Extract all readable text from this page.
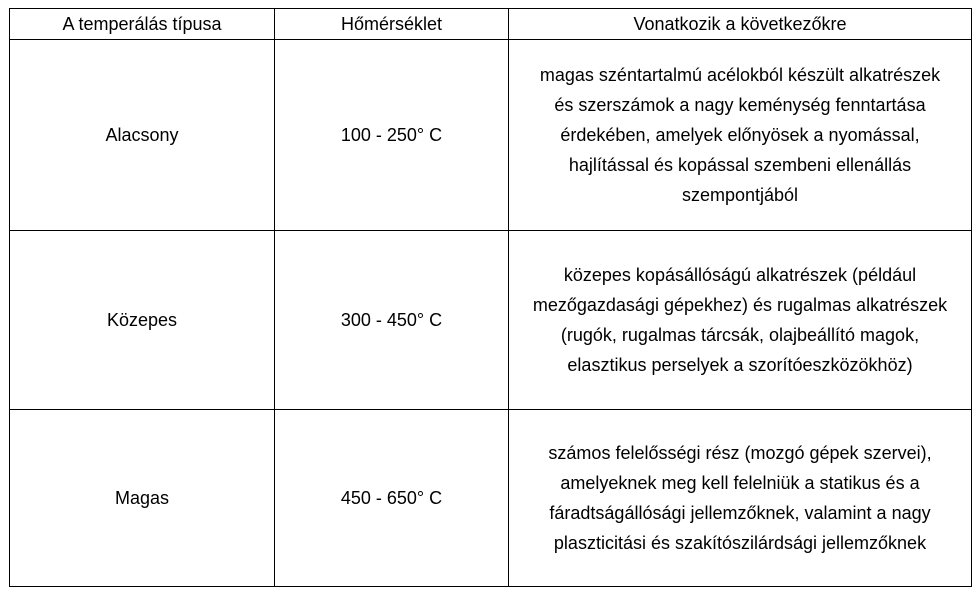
A temperálás típusa	Hőmérséklet	Vonatkozik a következőkre
Alacsony	100 - 250° C	magas széntartalmú acélokból készült alkatrészek
és szerszámok a nagy keménység fenntartása
érdekében, amelyek előnyösek a nyomással,
hajlítással és kopással szembeni ellenállás
szempontjából

Közepes	300 - 450° C	közepes kopásállóságú alkatrészek (például
mezőgazdasági gépekhez) és rugalmas alkatrészek
(rugók, rugalmas tárcsák, olajbeállító magok,
elasztikus perselyek a szorítóeszközökhöz)

Magas	450 - 650° C	számos felelősségi rész (mozgó gépek szervei),
amelyeknek meg kell felelniük a statikus és a
fáradtságállósági jellemzőknek, valamint a nagy
plaszticitási és szakítószilárdsági jellemzőknek
